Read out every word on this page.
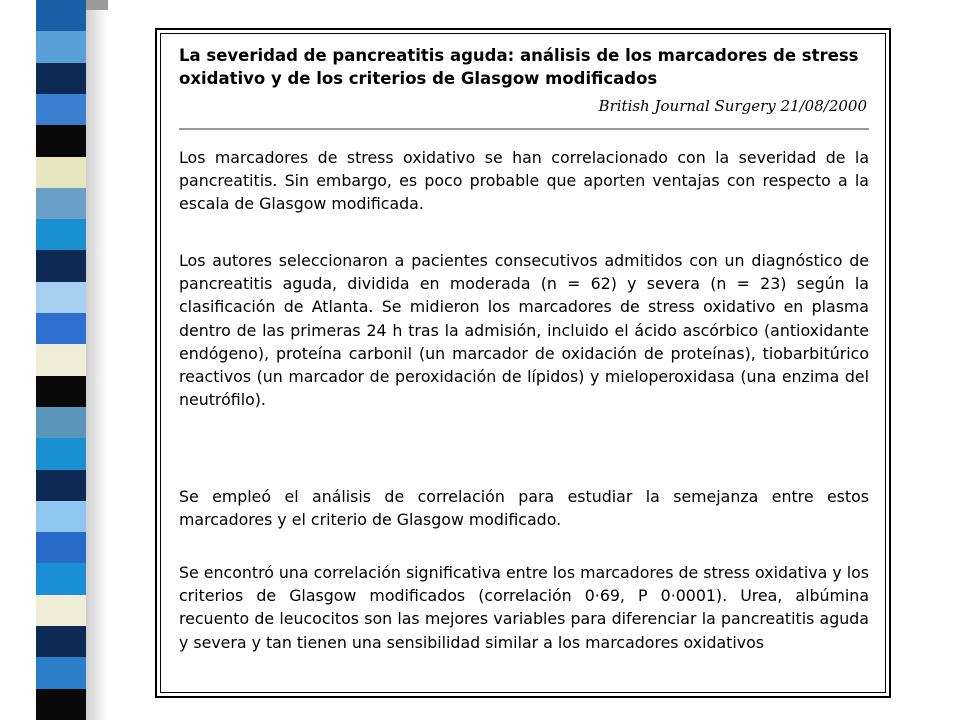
La severidad de pancreatitis aguda: análisis de los marcadores de stress oxidativo y de los criterios de Glasgow modificados

British Journal Surgery 21/08/2000

Los marcadores de stress oxidativo se han correlacionado con la severidad de la pancreatitis. Sin embargo, es poco probable que aporten ventajas con respecto a la escala de Glasgow modificada.

Los autores seleccionaron a pacientes consecutivos admitidos con un diagnóstico de pancreatitis aguda, dividida en moderada (n = 62) y severa (n = 23) según la clasificación de Atlanta. Se midieron los marcadores de stress oxidativo en plasma dentro de las primeras 24 h tras la admisión, incluido el ácido ascórbico (antioxidante endógeno), proteína carbonil (un marcador de oxidación de proteínas), tiobarbitúrico reactivos (un marcador de peroxidación de lípidos) y mieloperoxidasa (una enzima del neutrófilo).

Se empleó el análisis de correlación para estudiar la semejanza entre estos marcadores y el criterio de Glasgow modificado.

Se encontró una correlación significativa entre los marcadores de stress oxidativa y los criterios de Glasgow modificados (correlación 0·69, P 0·0001). Urea, albúmina recuento de leucocitos son las mejores variables para diferenciar la pancreatitis aguda y severa y tan tienen una sensibilidad similar a los marcadores oxidativos
